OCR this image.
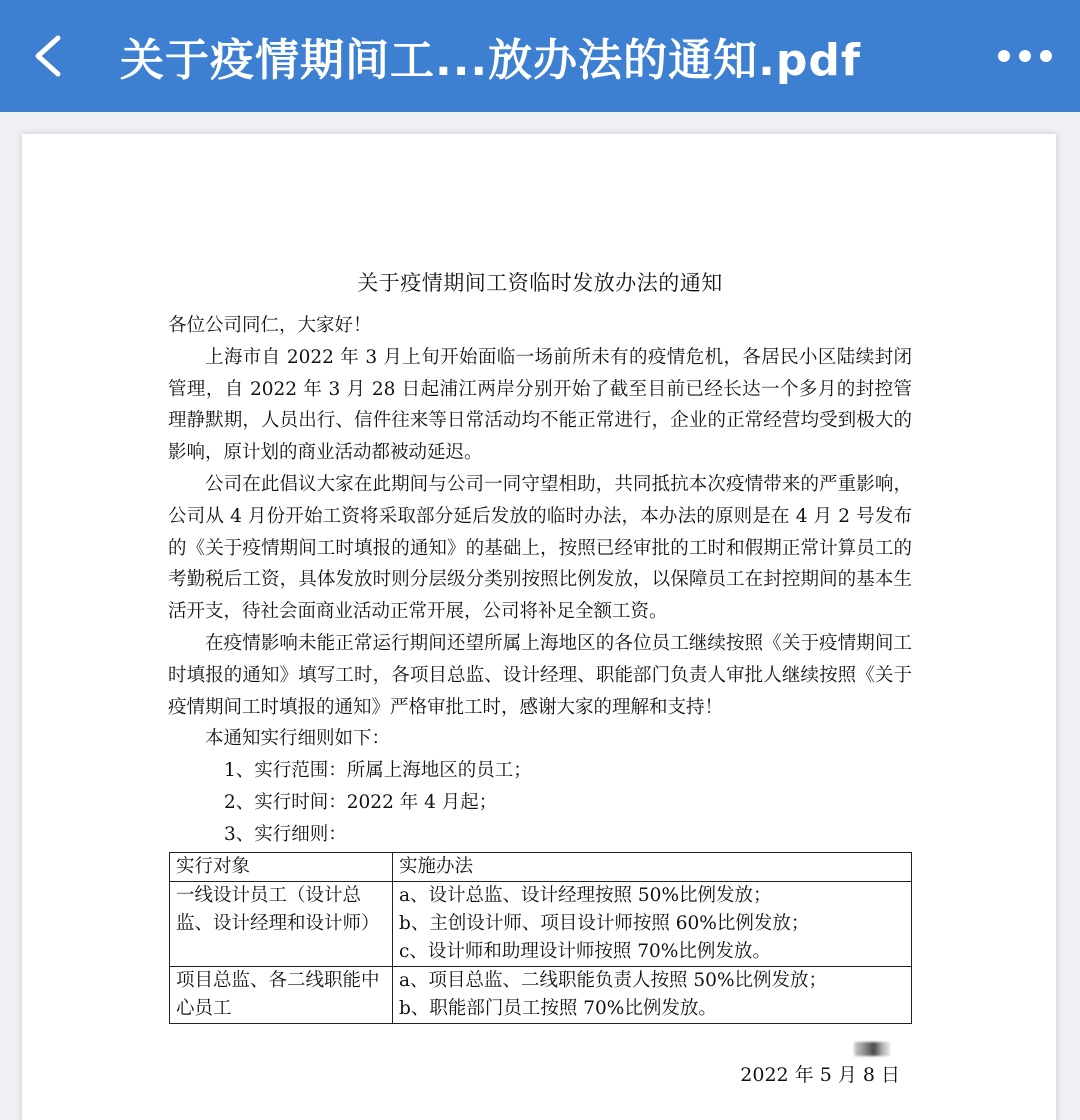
关于疫情期间工...放办法的通知.pdf
关于疫情期间工资临时发放办法的通知

各位公司同仁，大家好！

上海市自 2022 年 3 月上旬开始面临一场前所未有的疫情危机，各居民小区陆续封闭管理，自 2022 年 3 月 28 日起浦江两岸分别开始了截至目前已经长达一个多月的封控管理静默期，人员出行、信件往来等日常活动均不能正常进行，企业的正常经营均受到极大的影响，原计划的商业活动都被动延迟。

公司在此倡议大家在此期间与公司一同守望相助，共同抵抗本次疫情带来的严重影响，公司从 4 月份开始工资将采取部分延后发放的临时办法，本办法的原则是在 4 月 2 号发布的《关于疫情期间工时填报的通知》的基础上，按照已经审批的工时和假期正常计算员工的考勤税后工资，具体发放时则分层级分类别按照比例发放，以保障员工在封控期间的基本生活开支，待社会面商业活动正常开展，公司将补足全额工资。

在疫情影响未能正常运行期间还望所属上海地区的各位员工继续按照《关于疫情期间工时填报的通知》填写工时，各项目总监、设计经理、职能部门负责人审批人继续按照《关于疫情期间工时填报的通知》严格审批工时，感谢大家的理解和支持！

本通知实行细则如下：

1、实行范围：所属上海地区的员工；

2、实行时间：2022 年 4 月起；

3、实行细则：

实行对象	实施办法
一线设计员工（设计总监、设计经理和设计师）	a、设计总监、设计经理按照 50%比例发放；
b、主创设计师、项目设计师按照 60%比例发放；
c、设计师和助理设计师按照 70%比例发放。

项目总监、各二线职能中心员工	a、项目总监、二线职能负责人按照 50%比例发放；
b、职能部门员工按照 70%比例发放。
2022 年 5 月 8 日
